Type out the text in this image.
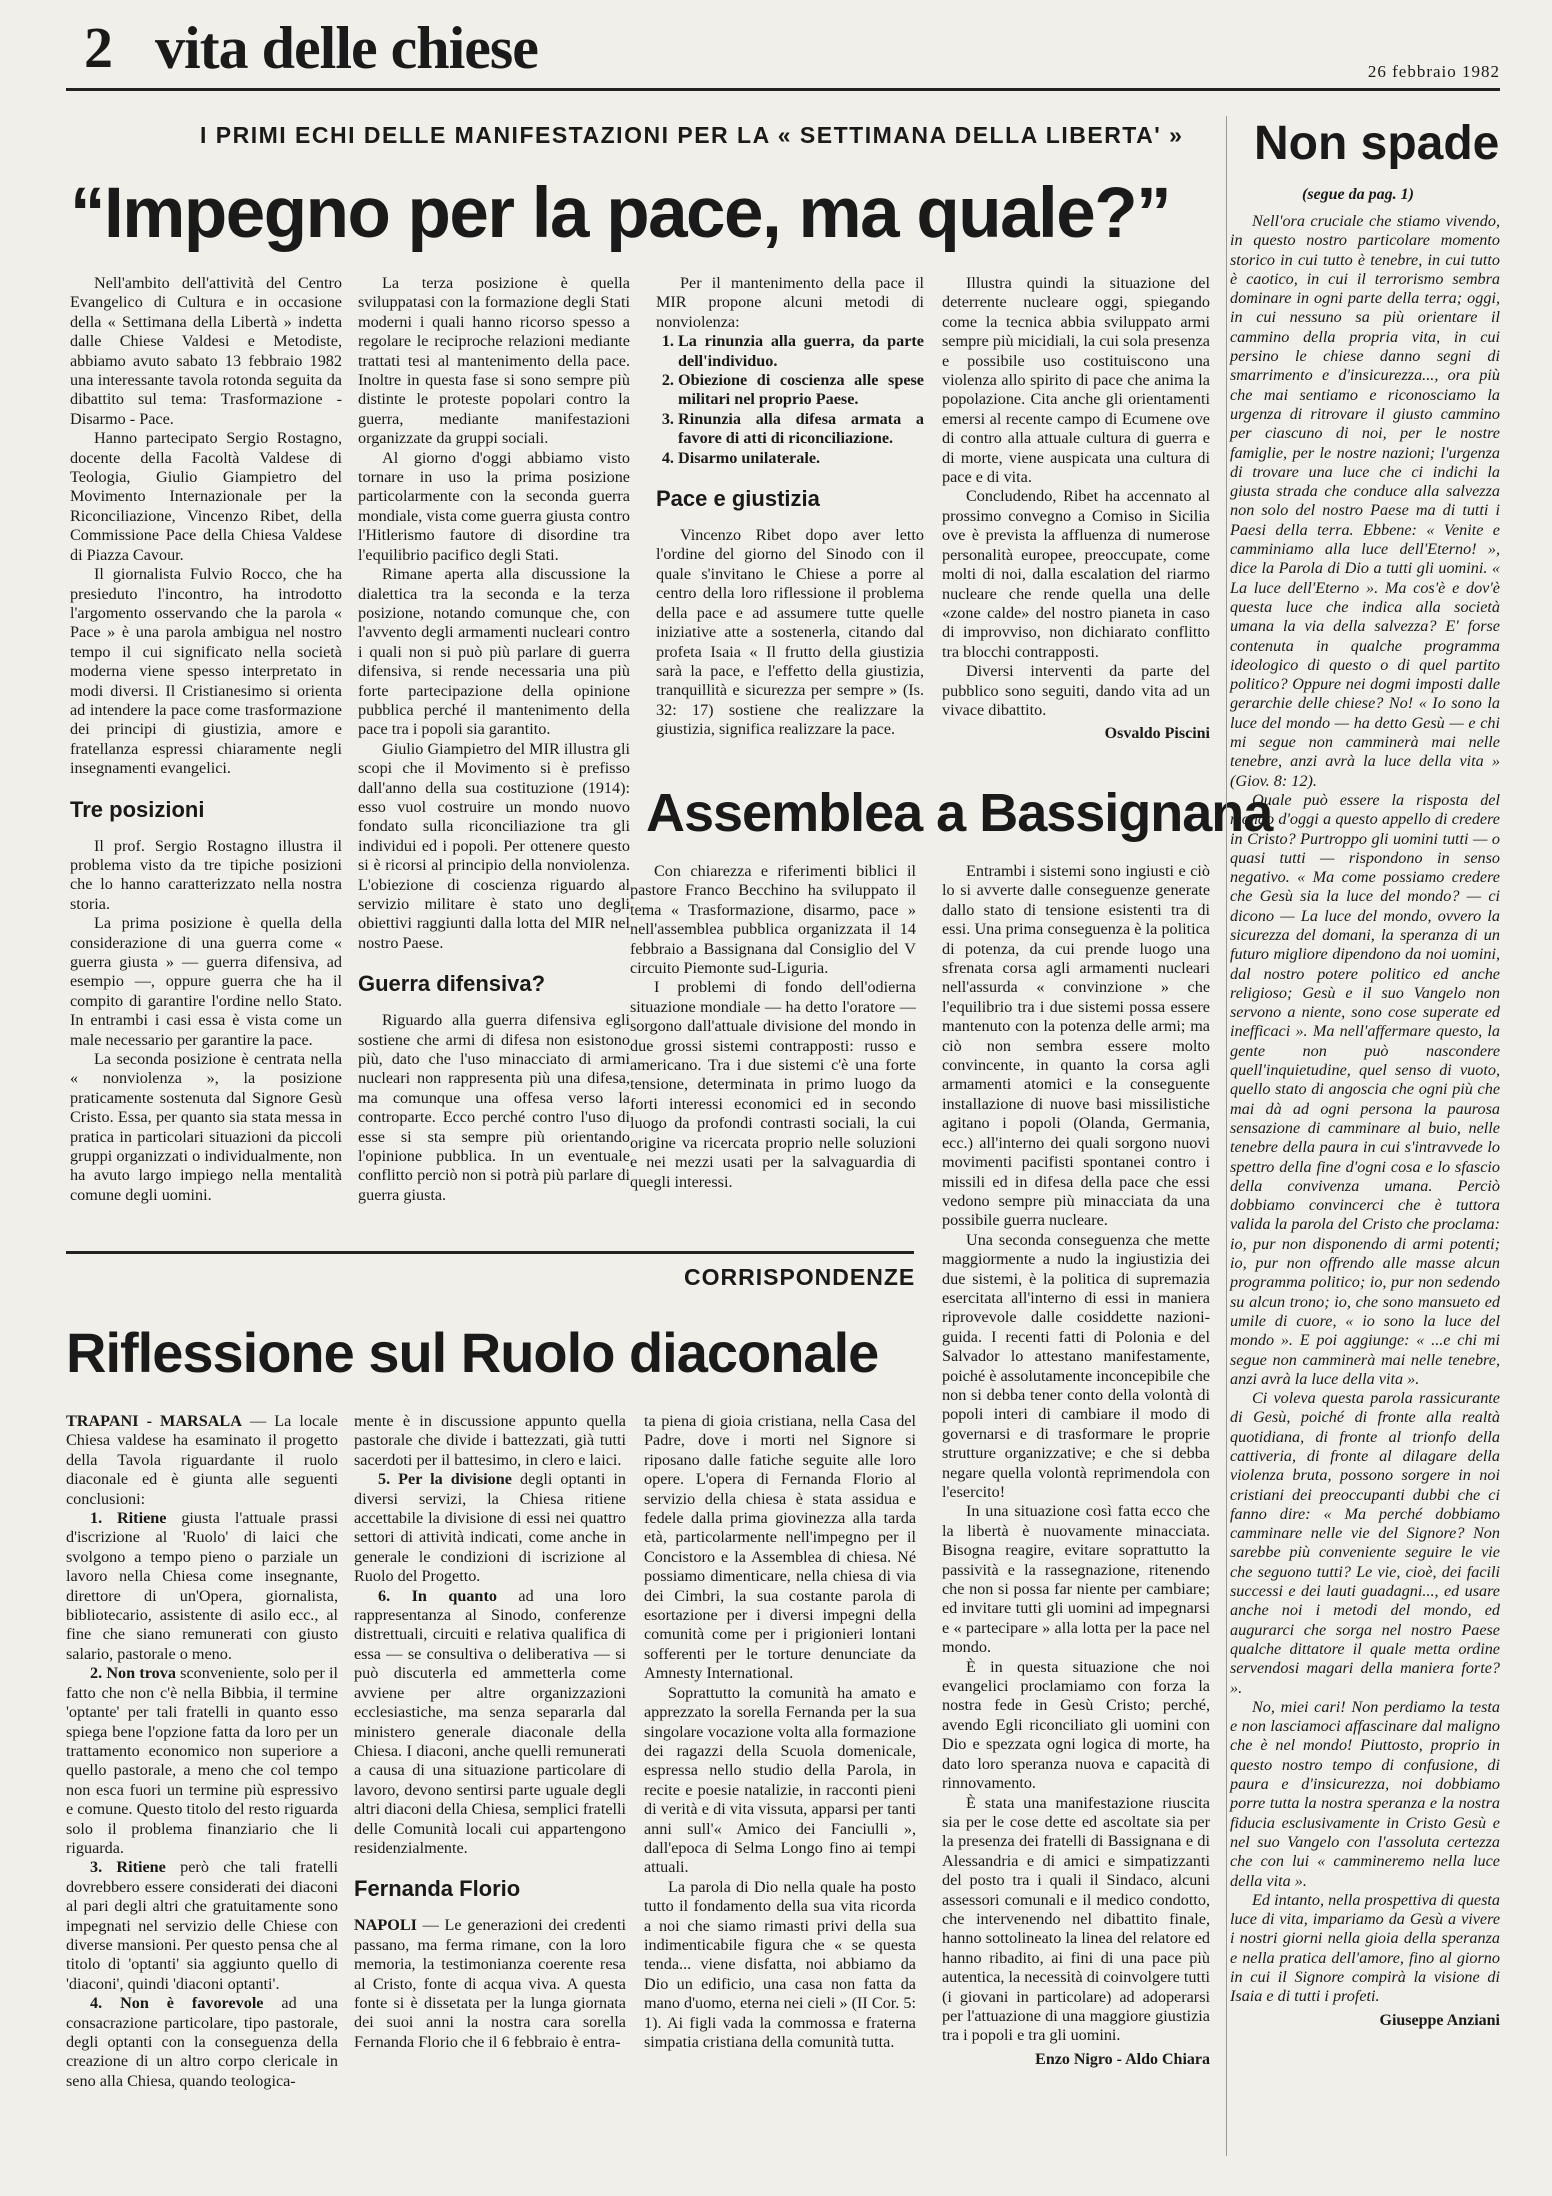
2 vita delle chiese	26 febbraio 1982
I PRIMI ECHI DELLE MANIFESTAZIONI PER LA « SETTIMANA DELLA LIBERTA' »
“Impegno per la pace, ma quale?”

Nell'ambito dell'attività del Centro Evangelico di Cultura e in occasione della « Settimana della Libertà » indetta dalle Chiese Valdesi e Metodiste, abbiamo avuto sabato 13 febbraio 1982 una interessante tavola rotonda seguita da dibattito sul tema: Trasformazione - Disarmo - Pace.

Hanno partecipato Sergio Rostagno, docente della Facoltà Valdese di Teologia, Giulio Giampietro del Movimento Internazionale per la Riconciliazione, Vincenzo Ribet, della Commissione Pace della Chiesa Valdese di Piazza Cavour.

Il giornalista Fulvio Rocco, che ha presieduto l'incontro, ha introdotto l'argomento osservando che la parola « Pace » è una parola ambigua nel nostro tempo il cui significato nella società moderna viene spesso interpretato in modi diversi. Il Cristianesimo si orienta ad intendere la pace come trasformazione dei principi di giustizia, amore e fratellanza espressi chiaramente negli insegnamenti evangelici.

Tre posizioni

Il prof. Sergio Rostagno illustra il problema visto da tre tipiche posizioni che lo hanno caratterizzato nella nostra storia.

La prima posizione è quella della considerazione di una guerra come « guerra giusta » — guerra difensiva, ad esempio —, oppure guerra che ha il compito di garantire l'ordine nello Stato. In entrambi i casi essa è vista come un male necessario per garantire la pace.

La seconda posizione è centrata nella « nonviolenza », la posizione praticamente sostenuta dal Signore Gesù Cristo. Essa, per quanto sia stata messa in pratica in particolari situazioni da piccoli gruppi organizzati o individualmente, non ha avuto largo impiego nella mentalità comune degli uomini.

La terza posizione è quella sviluppatasi con la formazione degli Stati moderni i quali hanno ricorso spesso a regolare le reciproche relazioni mediante trattati tesi al mantenimento della pace. Inoltre in questa fase si sono sempre più distinte le proteste popolari contro la guerra, mediante manifestazioni organizzate da gruppi sociali.

Al giorno d'oggi abbiamo visto tornare in uso la prima posizione particolarmente con la seconda guerra mondiale, vista come guerra giusta contro l'Hitlerismo fautore di disordine tra l'equilibrio pacifico degli Stati.

Rimane aperta alla discussione la dialettica tra la seconda e la terza posizione, notando comunque che, con l'avvento degli armamenti nucleari contro i quali non si può più parlare di guerra difensiva, si rende necessaria una più forte partecipazione della opinione pubblica perché il mantenimento della pace tra i popoli sia garantito.

Giulio Giampietro del MIR illustra gli scopi che il Movimento si è prefisso dall'anno della sua costituzione (1914): esso vuol costruire un mondo nuovo fondato sulla riconciliazione tra gli individui ed i popoli. Per ottenere questo si è ricorsi al principio della nonviolenza. L'obiezione di coscienza riguardo al servizio militare è stato uno degli obiettivi raggiunti dalla lotta del MIR nel nostro Paese.

Guerra difensiva?

Riguardo alla guerra difensiva egli sostiene che armi di difesa non esistono più, dato che l'uso minacciato di armi nucleari non rappresenta più una difesa, ma comunque una offesa verso la controparte. Ecco perché contro l'uso di esse si sta sempre più orientando l'opinione pubblica. In un eventuale conflitto perciò non si potrà più parlare di guerra giusta.

Per il mantenimento della pace il MIR propone alcuni metodi di nonviolenza:

1. La rinunzia alla guerra, da parte dell'individuo.
2. Obiezione di coscienza alle spese militari nel proprio Paese.
3. Rinunzia alla difesa armata a favore di atti di riconciliazione.
4. Disarmo unilaterale.
Pace e giustizia

Vincenzo Ribet dopo aver letto l'ordine del giorno del Sinodo con il quale s'invitano le Chiese a porre al centro della loro riflessione il problema della pace e ad assumere tutte quelle iniziative atte a sostenerla, citando dal profeta Isaia « Il frutto della giustizia sarà la pace, e l'effetto della giustizia, tranquillità e sicurezza per sempre » (Is. 32: 17) sostiene che realizzare la giustizia, significa realizzare la pace.

Illustra quindi la situazione del deterrente nucleare oggi, spiegando come la tecnica abbia sviluppato armi sempre più micidiali, la cui sola presenza e possibile uso costituiscono una violenza allo spirito di pace che anima la popolazione. Cita anche gli orientamenti emersi al recente campo di Ecumene ove di contro alla attuale cultura di guerra e di morte, viene auspicata una cultura di pace e di vita.

Concludendo, Ribet ha accennato al prossimo convegno a Comiso in Sicilia ove è prevista la affluenza di numerose personalità europee, preoccupate, come molti di noi, dalla escalation del riarmo nucleare che rende quella una delle «zone calde» del nostro pianeta in caso di improvviso, non dichiarato conflitto tra blocchi contrapposti.

Diversi interventi da parte del pubblico sono seguiti, dando vita ad un vivace dibattito.

Osvaldo Piscini
Assemblea a Bassignana

Con chiarezza e riferimenti biblici il pastore Franco Becchino ha sviluppato il tema « Trasformazione, disarmo, pace » nell'assemblea pubblica organizzata il 14 febbraio a Bassignana dal Consiglio del V circuito Piemonte sud-Liguria.

I problemi di fondo dell'odierna situazione mondiale — ha detto l'oratore — sorgono dall'attuale divisione del mondo in due grossi sistemi contrapposti: russo e americano. Tra i due sistemi c'è una forte tensione, determinata in primo luogo da forti interessi economici ed in secondo luogo da profondi contrasti sociali, la cui origine va ricercata proprio nelle soluzioni e nei mezzi usati per la salvaguardia di quegli interessi.

Entrambi i sistemi sono ingiusti e ciò lo si avverte dalle conseguenze generate dallo stato di tensione esistenti tra di essi. Una prima conseguenza è la politica di potenza, da cui prende luogo una sfrenata corsa agli armamenti nucleari nell'assurda « convinzione » che l'equilibrio tra i due sistemi possa essere mantenuto con la potenza delle armi; ma ciò non sembra essere molto convincente, in quanto la corsa agli armamenti atomici e la conseguente installazione di nuove basi missilistiche agitano i popoli (Olanda, Germania, ecc.) all'interno dei quali sorgono nuovi movimenti pacifisti spontanei contro i missili ed in difesa della pace che essi vedono sempre più minacciata da una possibile guerra nucleare.

Una seconda conseguenza che mette maggiormente a nudo la ingiustizia dei due sistemi, è la politica di supremazia esercitata all'interno di essi in maniera riprovevole dalle cosiddette nazioni-guida. I recenti fatti di Polonia e del Salvador lo attestano manifestamente, poiché è assolutamente inconcepibile che non si debba tener conto della volontà di popoli interi di cambiare il modo di governarsi e di trasformare le proprie strutture organizzative; e che si debba negare quella volontà reprimendola con l'esercito!

In una situazione così fatta ecco che la libertà è nuovamente minacciata. Bisogna reagire, evitare soprattutto la passività e la rassegnazione, ritenendo che non si possa far niente per cambiare; ed invitare tutti gli uomini ad impegnarsi e « partecipare » alla lotta per la pace nel mondo.

È in questa situazione che noi evangelici proclamiamo con forza la nostra fede in Gesù Cristo; perché, avendo Egli riconciliato gli uomini con Dio e spezzata ogni logica di morte, ha dato loro speranza nuova e capacità di rinnovamento.

È stata una manifestazione riuscita sia per le cose dette ed ascoltate sia per la presenza dei fratelli di Bassignana e di Alessandria e di amici e simpatizzanti del posto tra i quali il Sindaco, alcuni assessori comunali e il medico condotto, che intervenendo nel dibattito finale, hanno sottolineato la linea del relatore ed hanno ribadito, ai fini di una pace più autentica, la necessità di coinvolgere tutti (i giovani in particolare) ad adoperarsi per l'attuazione di una maggiore giustizia tra i popoli e tra gli uomini.

Enzo Nigro - Aldo Chiara
CORRISPONDENZE
Riflessione sul Ruolo diaconale

TRAPANI - MARSALA — La locale Chiesa valdese ha esaminato il progetto della Tavola riguardante il ruolo diaconale ed è giunta alle seguenti conclusioni:

1. Ritiene giusta l'attuale prassi d'iscrizione al 'Ruolo' di laici che svolgono a tempo pieno o parziale un lavoro nella Chiesa come insegnante, direttore di un'Opera, giornalista, bibliotecario, assistente di asilo ecc., al fine che siano remunerati con giusto salario, pastorale o meno.

2. Non trova sconveniente, solo per il fatto che non c'è nella Bibbia, il termine 'optante' per tali fratelli in quanto esso spiega bene l'opzione fatta da loro per un trattamento economico non superiore a quello pastorale, a meno che col tempo non esca fuori un termine più espressivo e comune. Questo titolo del resto riguarda solo il problema finanziario che li riguarda.

3. Ritiene però che tali fratelli dovrebbero essere considerati dei diaconi al pari degli altri che gratuitamente sono impegnati nel servizio delle Chiese con diverse mansioni. Per questo pensa che al titolo di 'optanti' sia aggiunto quello di 'diaconi', quindi 'diaconi optanti'.

4. Non è favorevole ad una consacrazione particolare, tipo pastorale, degli optanti con la conseguenza della creazione di un altro corpo clericale in seno alla Chiesa, quando teologica-

mente è in discussione appunto quella pastorale che divide i battezzati, già tutti sacerdoti per il battesimo, in clero e laici.

5. Per la divisione degli optanti in diversi servizi, la Chiesa ritiene accettabile la divisione di essi nei quattro settori di attività indicati, come anche in generale le condizioni di iscrizione al Ruolo del Progetto.

6. In quanto ad una loro rappresentanza al Sinodo, conferenze distrettuali, circuiti e relativa qualifica di essa — se consultiva o deliberativa — si può discuterla ed ammetterla come avviene per altre organizzazioni ecclesiastiche, ma senza separarla dal ministero generale diaconale della Chiesa. I diaconi, anche quelli remunerati a causa di una situazione particolare di lavoro, devono sentirsi parte uguale degli altri diaconi della Chiesa, semplici fratelli delle Comunità locali cui appartengono residenzialmente.

Fernanda Florio

NAPOLI — Le generazioni dei credenti passano, ma ferma rimane, con la loro memoria, la testimonianza coerente resa al Cristo, fonte di acqua viva. A questa fonte si è dissetata per la lunga giornata dei suoi anni la nostra cara sorella Fernanda Florio che il 6 febbraio è entra-

ta piena di gioia cristiana, nella Casa del Padre, dove i morti nel Signore si riposano dalle fatiche seguite alle loro opere. L'opera di Fernanda Florio al servizio della chiesa è stata assidua e fedele dalla prima giovinezza alla tarda età, particolarmente nell'impegno per il Concistoro e la Assemblea di chiesa. Né possiamo dimenticare, nella chiesa di via dei Cimbri, la sua costante parola di esortazione per i diversi impegni della comunità come per i prigionieri lontani sofferenti per le torture denunciate da Amnesty International.

Soprattutto la comunità ha amato e apprezzato la sorella Fernanda per la sua singolare vocazione volta alla formazione dei ragazzi della Scuola domenicale, espressa nello studio della Parola, in recite e poesie natalizie, in racconti pieni di verità e di vita vissuta, apparsi per tanti anni sull'« Amico dei Fanciulli », dall'epoca di Selma Longo fino ai tempi attuali.

La parola di Dio nella quale ha posto tutto il fondamento della sua vita ricorda a noi che siamo rimasti privi della sua indimenticabile figura che « se questa tenda... viene disfatta, noi abbiamo da Dio un edificio, una casa non fatta da mano d'uomo, eterna nei cieli » (II Cor. 5: 1). Ai figli vada la commossa e fraterna simpatia cristiana della comunità tutta.

Non spade
(segue da pag. 1)

Nell'ora cruciale che stiamo vivendo, in questo nostro particolare momento storico in cui tutto è tenebre, in cui tutto è caotico, in cui il terrorismo sembra dominare in ogni parte della terra; oggi, in cui nessuno sa più orientare il cammino della propria vita, in cui persino le chiese danno segni di smarrimento e d'insicurezza..., ora più che mai sentiamo e riconosciamo la urgenza di ritrovare il giusto cammino per ciascuno di noi, per le nostre famiglie, per le nostre nazioni; l'urgenza di trovare una luce che ci indichi la giusta strada che conduce alla salvezza non solo del nostro Paese ma di tutti i Paesi della terra. Ebbene: « Venite e camminiamo alla luce dell'Eterno! », dice la Parola di Dio a tutti gli uomini. « La luce dell'Eterno ». Ma cos'è e dov'è questa luce che indica alla società umana la via della salvezza? E' forse contenuta in qualche programma ideologico di questo o di quel partito politico? Oppure nei dogmi imposti dalle gerarchie delle chiese? No! « Io sono la luce del mondo — ha detto Gesù — e chi mi segue non camminerà mai nelle tenebre, anzi avrà la luce della vita » (Giov. 8: 12).

Quale può essere la risposta del mondo d'oggi a questo appello di credere in Cristo? Purtroppo gli uomini tutti — o quasi tutti — rispondono in senso negativo. « Ma come possiamo credere che Gesù sia la luce del mondo? — ci dicono — La luce del mondo, ovvero la sicurezza del domani, la speranza di un futuro migliore dipendono da noi uomini, dal nostro potere politico ed anche religioso; Gesù e il suo Vangelo non servono a niente, sono cose superate ed inefficaci ». Ma nell'affermare questo, la gente non può nascondere quell'inquietudine, quel senso di vuoto, quello stato di angoscia che ogni più che mai dà ad ogni persona la paurosa sensazione di camminare al buio, nelle tenebre della paura in cui s'intravvede lo spettro della fine d'ogni cosa e lo sfascio della convivenza umana. Perciò dobbiamo convincerci che è tuttora valida la parola del Cristo che proclama: io, pur non disponendo di armi potenti; io, pur non offrendo alle masse alcun programma politico; io, pur non sedendo su alcun trono; io, che sono mansueto ed umile di cuore, « io sono la luce del mondo ». E poi aggiunge: « ...e chi mi segue non camminerà mai nelle tenebre, anzi avrà la luce della vita ».

Ci voleva questa parola rassicurante di Gesù, poiché di fronte alla realtà quotidiana, di fronte al trionfo della cattiveria, di fronte al dilagare della violenza bruta, possono sorgere in noi cristiani dei preoccupanti dubbi che ci fanno dire: « Ma perché dobbiamo camminare nelle vie del Signore? Non sarebbe più conveniente seguire le vie che seguono tutti? Le vie, cioè, dei facili successi e dei lauti guadagni..., ed usare anche noi i metodi del mondo, ed augurarci che sorga nel nostro Paese qualche dittatore il quale metta ordine servendosi magari della maniera forte? ».

No, miei cari! Non perdiamo la testa e non lasciamoci affascinare dal maligno che è nel mondo! Piuttosto, proprio in questo nostro tempo di confusione, di paura e d'insicurezza, noi dobbiamo porre tutta la nostra speranza e la nostra fiducia esclusivamente in Cristo Gesù e nel suo Vangelo con l'assoluta certezza che con lui « cammineremo nella luce della vita ».

Ed intanto, nella prospettiva di questa luce di vita, impariamo da Gesù a vivere i nostri giorni nella gioia della speranza e nella pratica dell'amore, fino al giorno in cui il Signore compirà la visione di Isaia e di tutti i profeti.

Giuseppe Anziani
